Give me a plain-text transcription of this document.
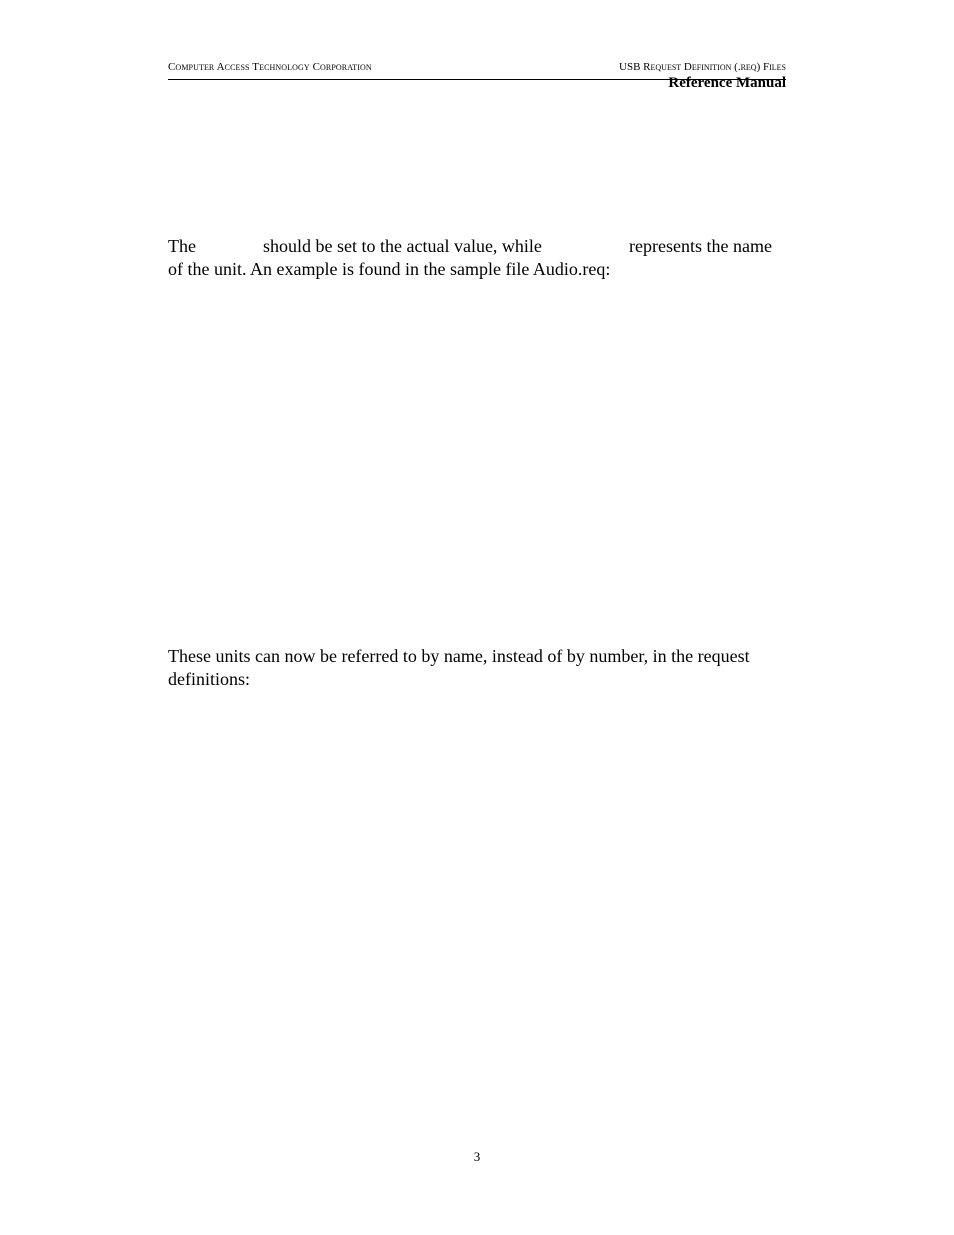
Computer Access Technology Corporation	USB Request Definition (.req) Files
Reference Manual
The	should be set to the actual value, while	represents the name
of the unit. An example is found in the sample file Audio.req:
These units can now be referred to by name, instead of by number, in the request
definitions:
3
